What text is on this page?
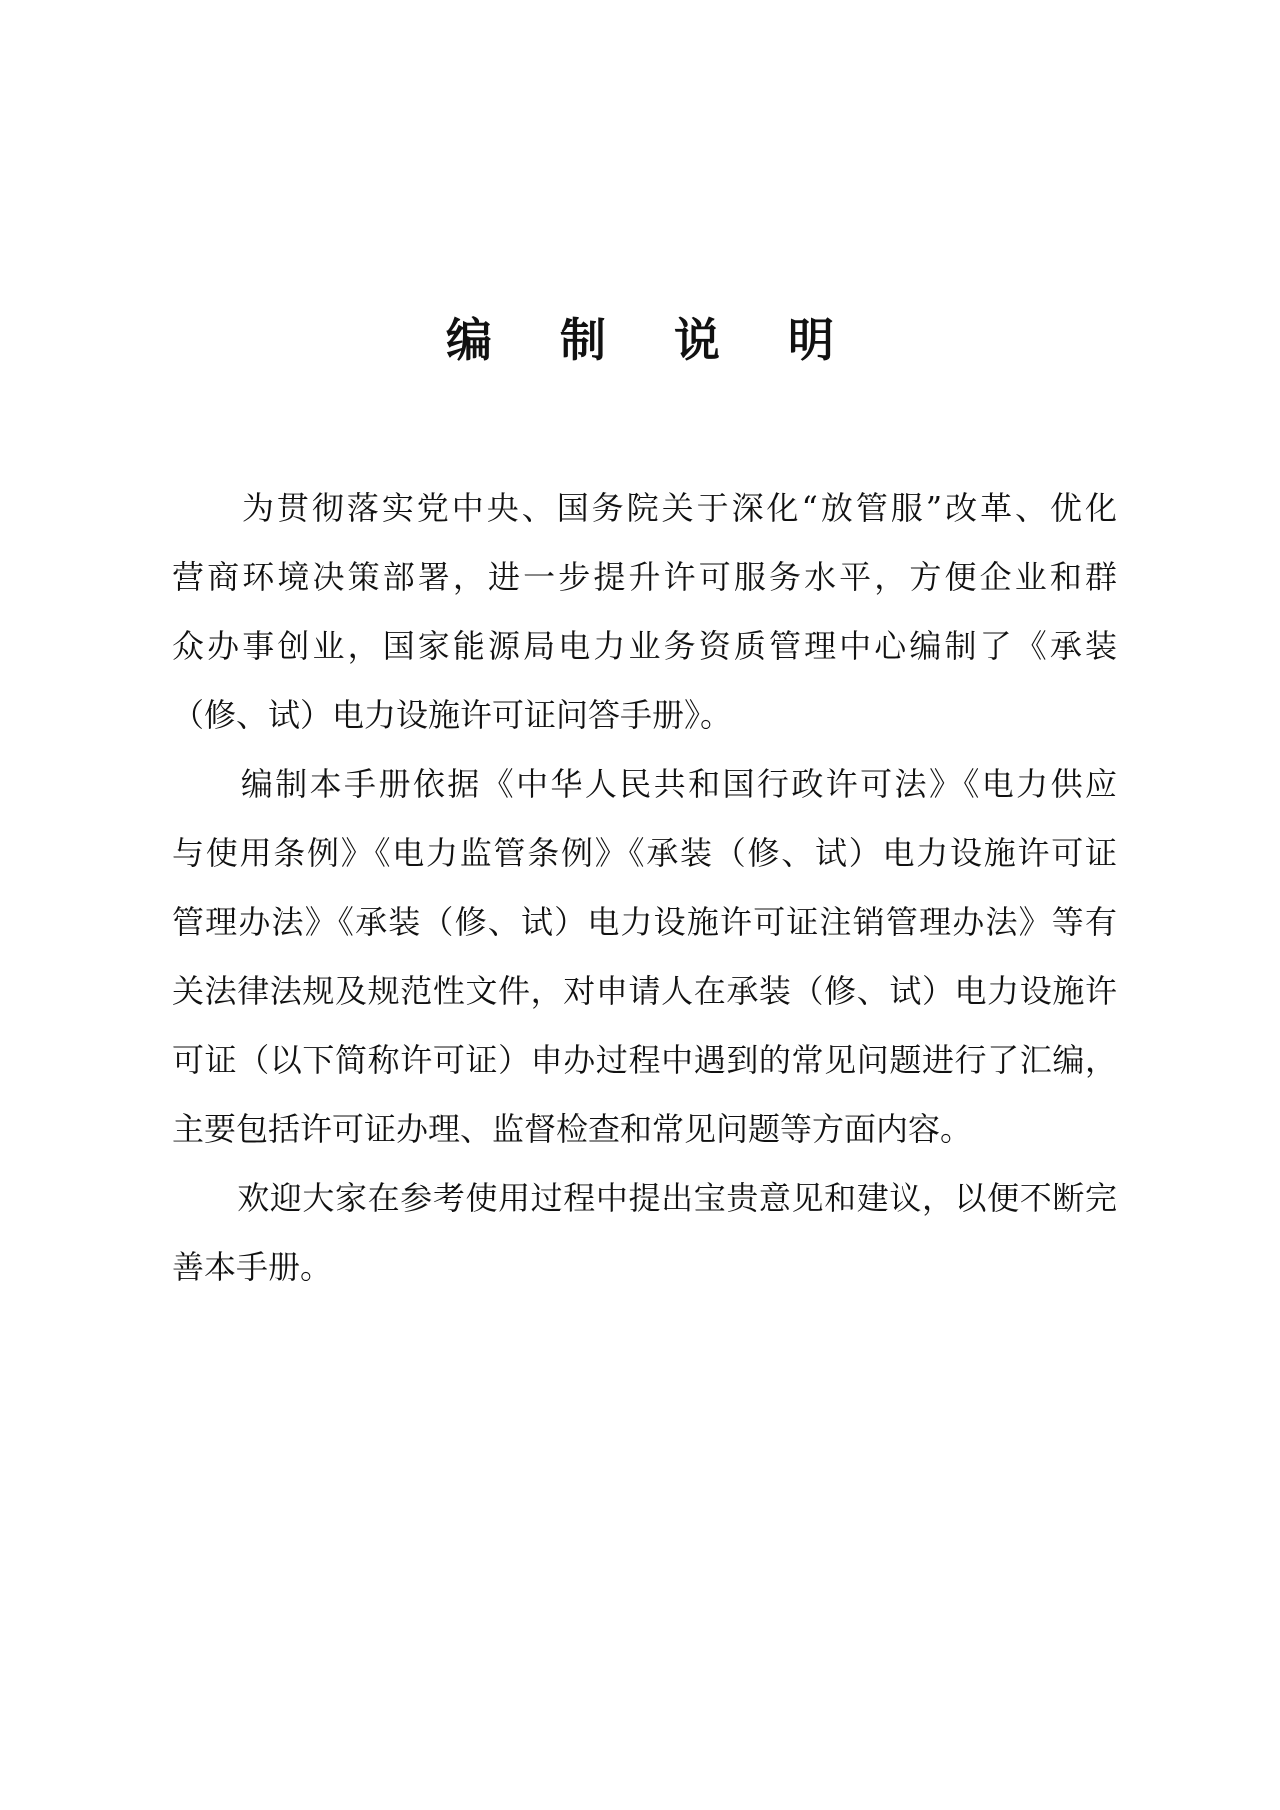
编 制 说 明
　　为贯彻落实党中央、国务院关于深化“放管服”改革、优化
营商环境决策部署，进一步提升许可服务水平，方便企业和群
众办事创业，国家能源局电力业务资质管理中心编制了《承装
（修、试）电力设施许可证问答手册》。
　　编制本手册依据《中华人民共和国行政许可法》《电力供应
与使用条例》《电力监管条例》《承装（修、试）电力设施许可证
管理办法》《承装（修、试）电力设施许可证注销管理办法》等有
关法律法规及规范性文件，对申请人在承装（修、试）电力设施许
可证（以下简称许可证）申办过程中遇到的常见问题进行了汇编，
主要包括许可证办理、监督检查和常见问题等方面内容。
　　欢迎大家在参考使用过程中提出宝贵意见和建议，以便不断完
善本手册。
